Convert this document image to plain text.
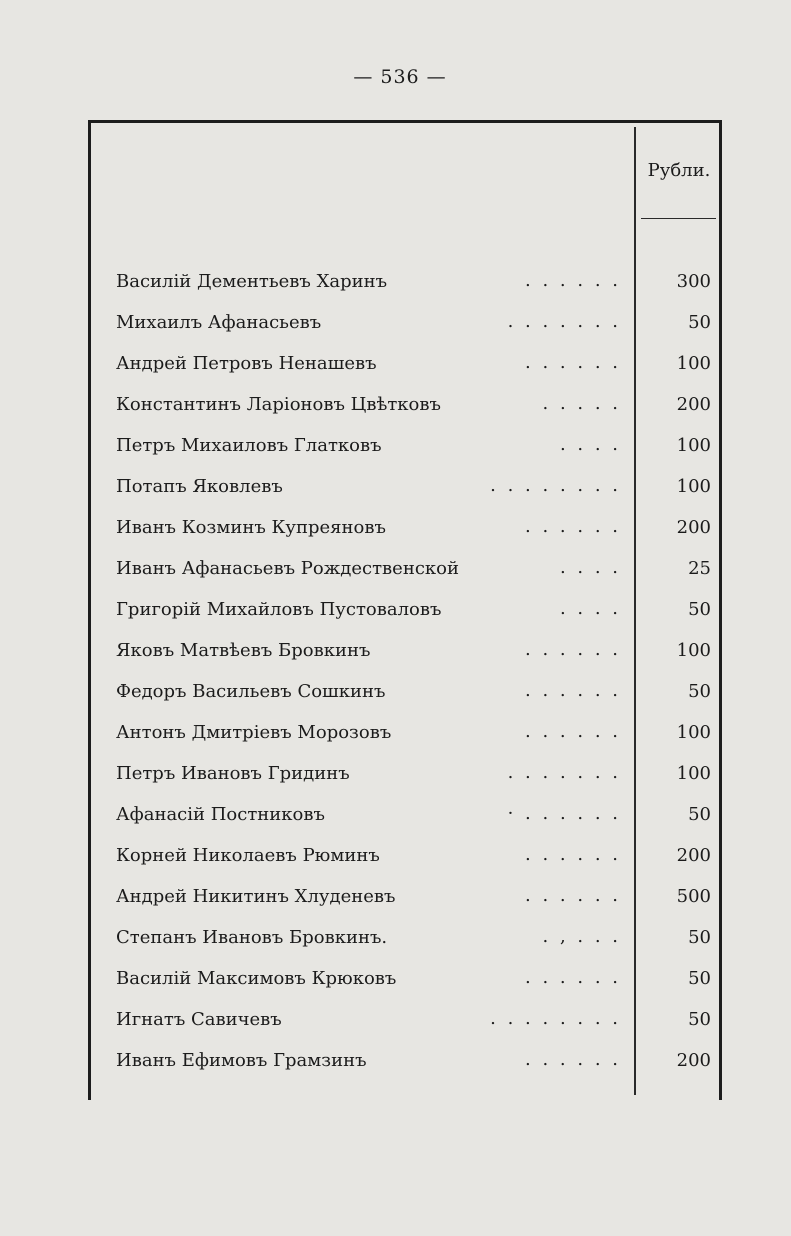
— 536 —
Рубли.
Василій Дементьевъ Харинъ	. . . . . .	300
Михаилъ Афанасьевъ	. . . . . . .	50
Андрей Петровъ Ненашевъ	. . . . . .	100
Константинъ Ларіоновъ Цвѣтковъ	. . . . .	200
Петръ Михаиловъ Глатковъ	. . . .	100
Потапъ Яковлевъ	. . . . . . . .	100
Иванъ Козминъ Купреяновъ	. . . . . .	200
Иванъ Афанасьевъ Рождественской	. . . .	25
Григорій Михайловъ Пустоваловъ	. . . .	50
Яковъ Матвѣевъ Бровкинъ	. . . . . .	100
Федоръ Васильевъ Сошкинъ	. . . . . .	50
Антонъ Дмитріевъ Морозовъ	. . . . . .	100
Петръ Ивановъ Гридинъ	. . . . . . .	100
Афанасій Постниковъ	· . . . . . .	50
Корней Николаевъ Рюминъ	. . . . . .	200
Андрей Никитинъ Хлуденевъ	. . . . . .	500
Степанъ Ивановъ Бровкинъ.	. , . . .	50
Василій Максимовъ Крюковъ	. . . . . .	50
Игнатъ Савичевъ	. . . . . . . .	50
Иванъ Ефимовъ Грамзинъ	. . . . . .	200
